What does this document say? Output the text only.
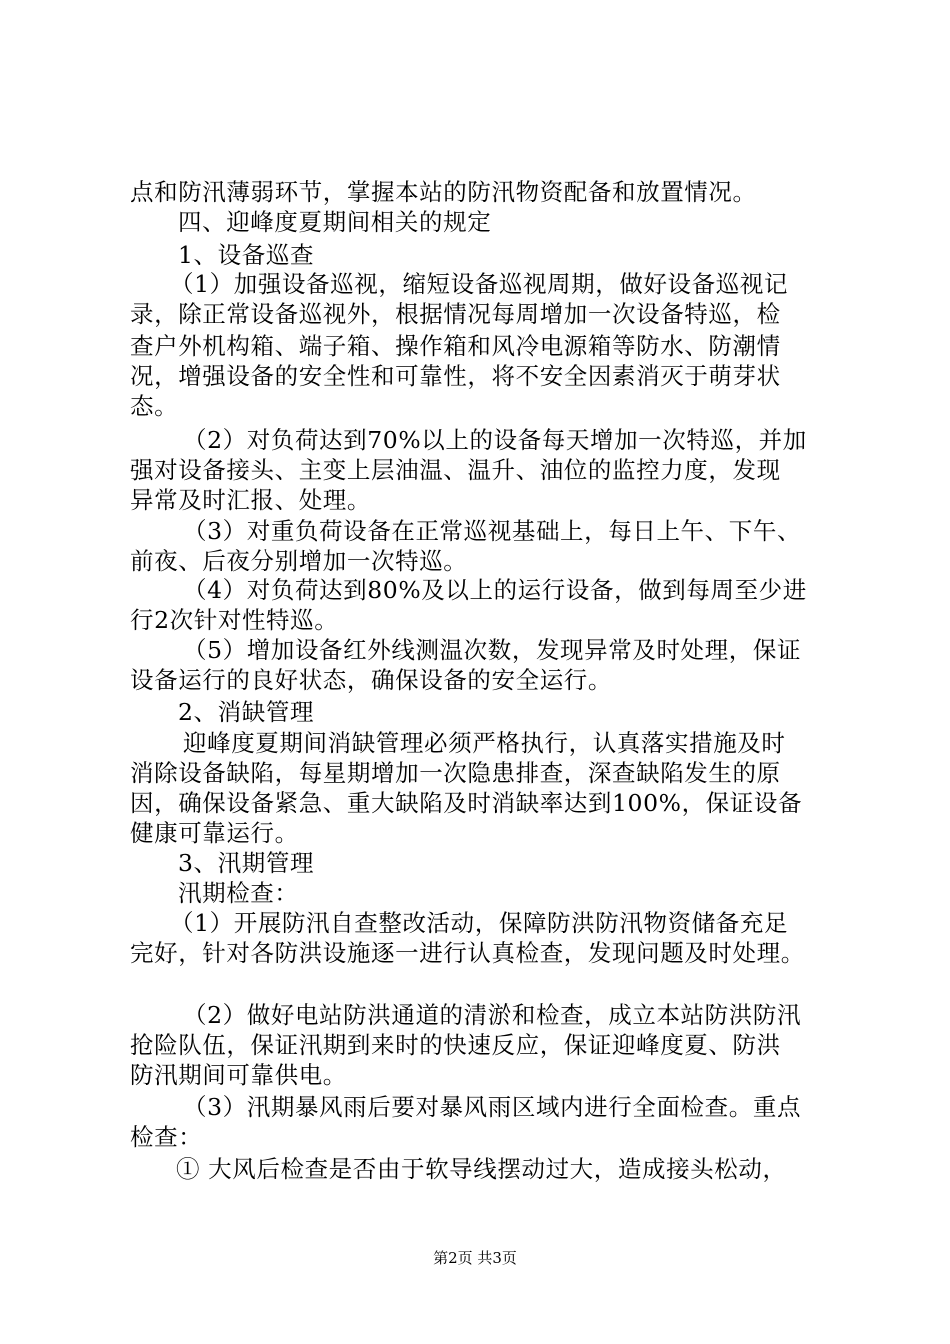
点和防汛薄弱环节，掌握本站的防汛物资配备和放置情况。
四、迎峰度夏期间相关的规定
1、设备巡查
（1）加强设备巡视，缩短设备巡视周期，做好设备巡视记
录，除正常设备巡视外，根据情况每周增加一次设备特巡，检
查户外机构箱、端子箱、操作箱和风冷电源箱等防水、防潮情
况，增强设备的安全性和可靠性，将不安全因素消灭于萌芽状
态。
（2）对负荷达到70%以上的设备每天增加一次特巡，并加
强对设备接头、主变上层油温、温升、油位的监控力度，发现
异常及时汇报、处理。
（3）对重负荷设备在正常巡视基础上，每日上午、下午、
前夜、后夜分别增加一次特巡。
（4）对负荷达到80%及以上的运行设备，做到每周至少进
行2次针对性特巡。
（5）增加设备红外线测温次数，发现异常及时处理，保证
设备运行的良好状态，确保设备的安全运行。
2、消缺管理
迎峰度夏期间消缺管理必须严格执行，认真落实措施及时
消除设备缺陷，每星期增加一次隐患排查，深查缺陷发生的原
因，确保设备紧急、重大缺陷及时消缺率达到100%，保证设备
健康可靠运行。
3、汛期管理
汛期检查：
（1）开展防汛自查整改活动，保障防洪防汛物资储备充足
完好，针对各防洪设施逐一进行认真检查，发现问题及时处理。
（2）做好电站防洪通道的清淤和检查，成立本站防洪防汛
抢险队伍，保证汛期到来时的快速反应，保证迎峰度夏、防洪
防汛期间可靠供电。
（3）汛期暴风雨后要对暴风雨区域内进行全面检查。重点
检查：
① 大风后检查是否由于软导线摆动过大，造成接头松动，
第2页 共3页
